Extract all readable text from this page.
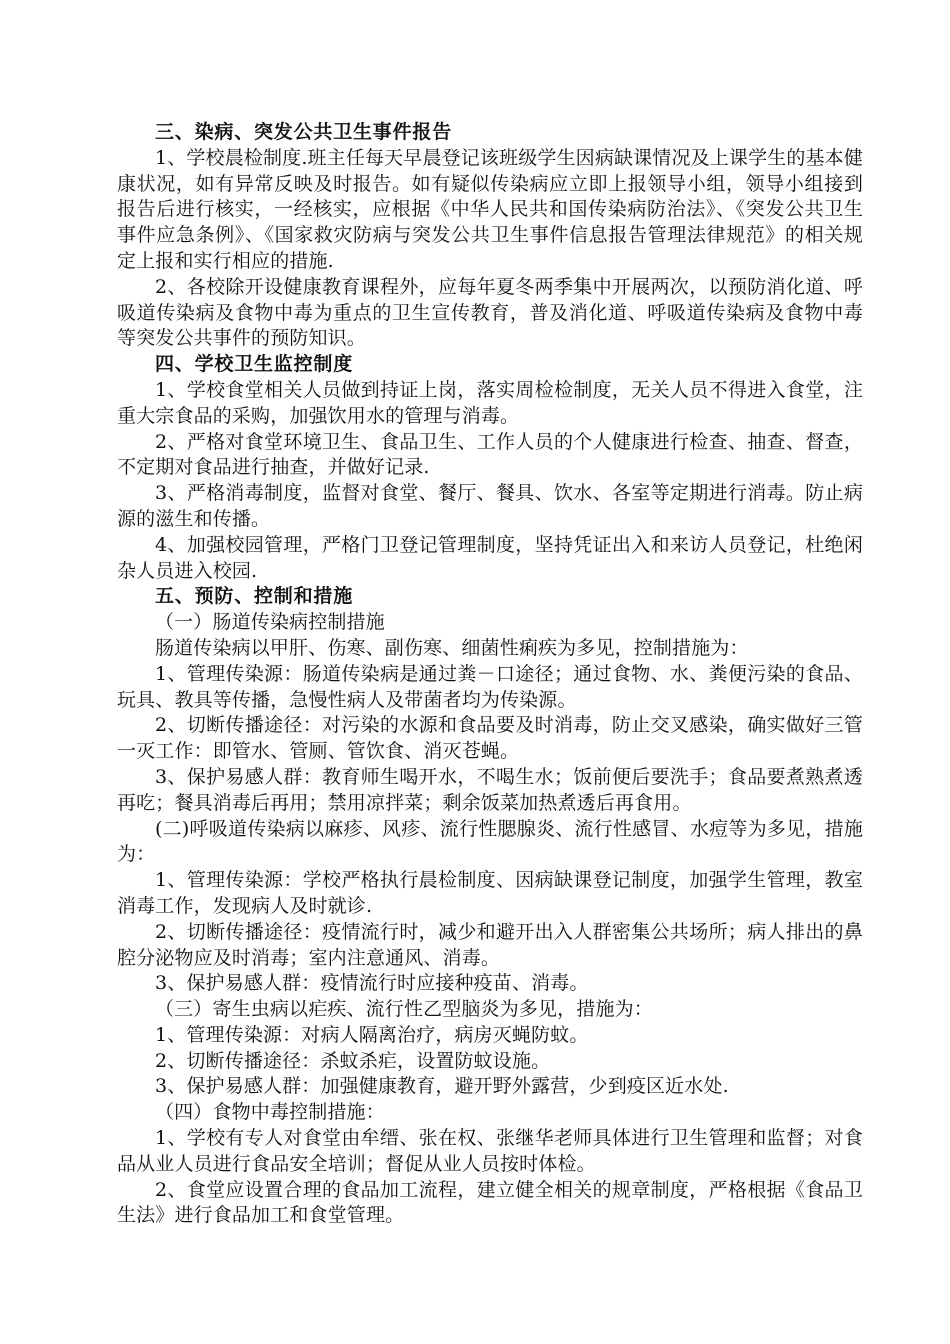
三、染病、突发公共卫生事件报告

1、学校晨检制度.班主任每天早晨登记该班级学生因病缺课情况及上课学生的基本健康状况，如有异常反映及时报告。如有疑似传染病应立即上报领导小组，领导小组接到报告后进行核实，一经核实，应根据《中华人民共和国传染病防治法》、《突发公共卫生事件应急条例》、《国家救灾防病与突发公共卫生事件信息报告管理法律规范》的相关规定上报和实行相应的措施.

2、各校除开设健康教育课程外，应每年夏冬两季集中开展两次，以预防消化道、呼吸道传染病及食物中毒为重点的卫生宣传教育，普及消化道、呼吸道传染病及食物中毒等突发公共事件的预防知识。

四、学校卫生监控制度

1、学校食堂相关人员做到持证上岗，落实周检检制度，无关人员不得进入食堂，注重大宗食品的采购，加强饮用水的管理与消毒。

2、严格对食堂环境卫生、食品卫生、工作人员的个人健康进行检查、抽查、督查，不定期对食品进行抽查，并做好记录.

3、严格消毒制度，监督对食堂、餐厅、餐具、饮水、各室等定期进行消毒。防止病源的滋生和传播。

4、加强校园管理，严格门卫登记管理制度，坚持凭证出入和来访人员登记，杜绝闲杂人员进入校园.

五、预防、控制和措施

（一）肠道传染病控制措施

肠道传染病以甲肝、伤寒、副伤寒、细菌性痢疾为多见，控制措施为：

1、管理传染源：肠道传染病是通过粪－口途径；通过食物、水、粪便污染的食品、玩具、教具等传播，急慢性病人及带菌者均为传染源。

2、切断传播途径：对污染的水源和食品要及时消毒，防止交叉感染，确实做好三管一灭工作：即管水、管厕、管饮食、消灭苍蝇。

3、保护易感人群：教育师生喝开水，不喝生水；饭前便后要洗手；食品要煮熟煮透再吃；餐具消毒后再用；禁用凉拌菜；剩余饭菜加热煮透后再食用。

(二)呼吸道传染病以麻疹、风疹、流行性腮腺炎、流行性感冒、水痘等为多见，措施为：

1、管理传染源：学校严格执行晨检制度、因病缺课登记制度，加强学生管理，教室消毒工作，发现病人及时就诊.

2、切断传播途径：疫情流行时，减少和避开出入人群密集公共场所；病人排出的鼻腔分泌物应及时消毒；室内注意通风、消毒。

3、保护易感人群：疫情流行时应接种疫苗、消毒。

（三）寄生虫病以疟疾、流行性乙型脑炎为多见，措施为：

1、管理传染源：对病人隔离治疗，病房灭蝇防蚊。

2、切断传播途径：杀蚊杀疟，设置防蚊设施。

3、保护易感人群：加强健康教育，避开野外露营，少到疫区近水处.

（四）食物中毒控制措施：

1、学校有专人对食堂由牟缙、张在权、张继华老师具体进行卫生管理和监督；对食品从业人员进行食品安全培训；督促从业人员按时体检。

2、食堂应设置合理的食品加工流程，建立健全相关的规章制度，严格根据《食品卫生法》进行食品加工和食堂管理。
